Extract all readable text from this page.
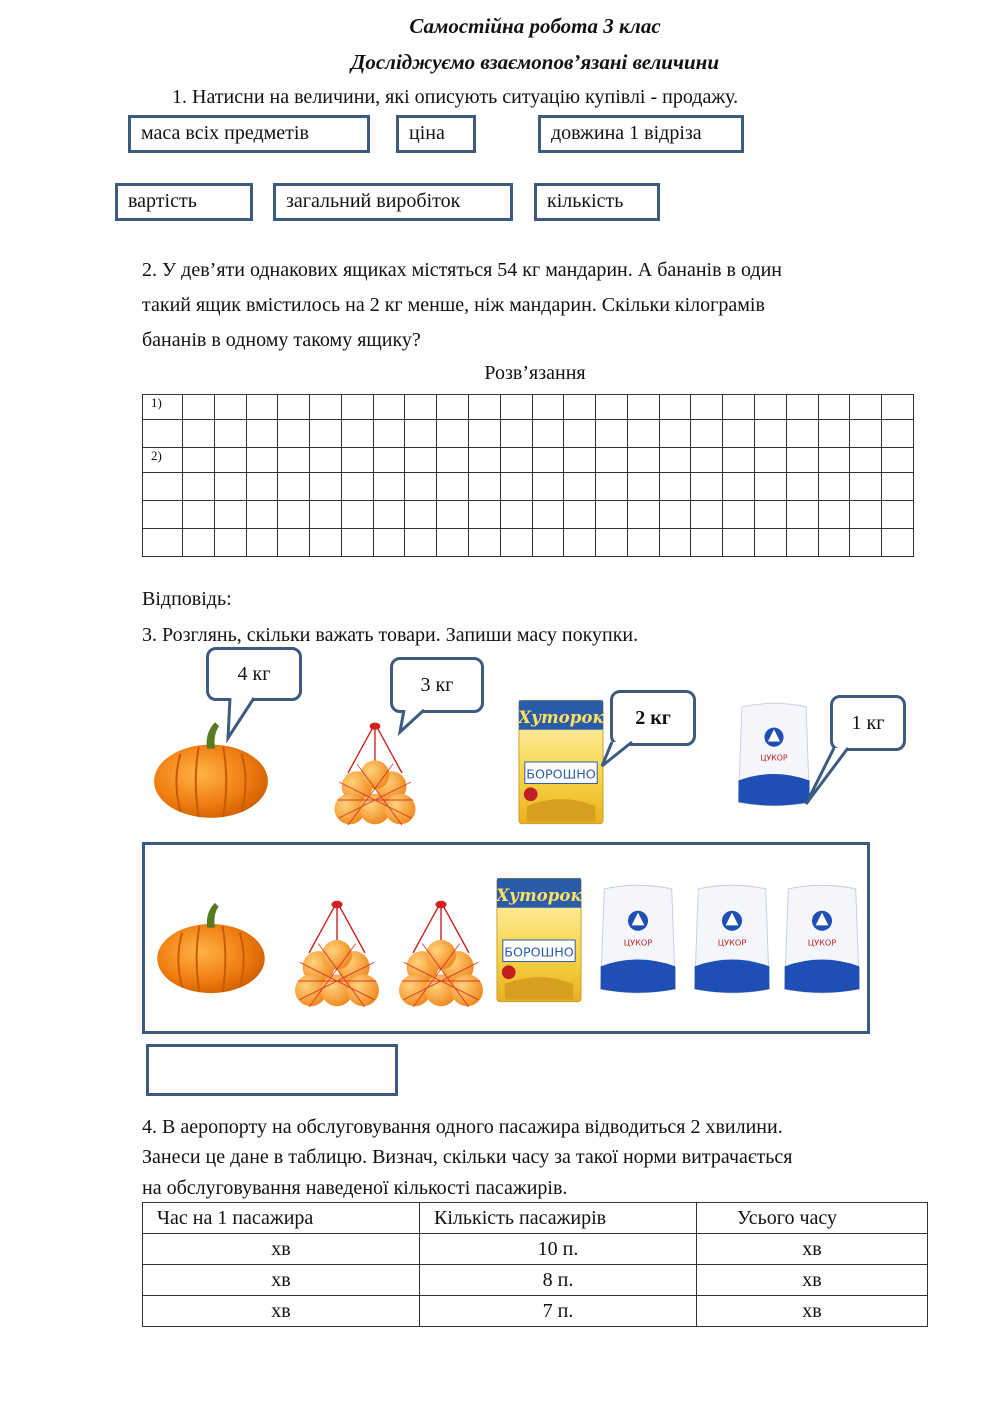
Самостійна робота 3 клас
Досліджуємо взаємопов’язані величини
1. Натисни на величини, які описують ситуацію купівлі - продажу.
маса всіх предметів	ціна	довжина 1 відріза
вартість	загальний виробіток	кількість
2. У дев’яти однакових ящиках містяться 54 кг мандарин. А бананів в один
такий ящик вмістилось на 2 кг менше, ніж мандарин. Скільки кілограмів
бананів в одному такому ящику?
Розв’язання
1)																							

2)																							

Відповідь:
3. Розглянь, скільки важать товари. Запиши масу покупки.
4 кг	3 кг
2 кг	1 кг
4. В аеропорту на обслуговування одного пасажира відводиться 2 хвилини.
Занеси це дане в таблицю. Визнач, скільки часу за такої норми витрачається
на обслуговування наведеної кількості пасажирів.
Час на 1 пасажира	Кількість пасажирів	Усього часу
хв	10 п.	хв
хв	8 п.	хв
хв	7 п.	хв
